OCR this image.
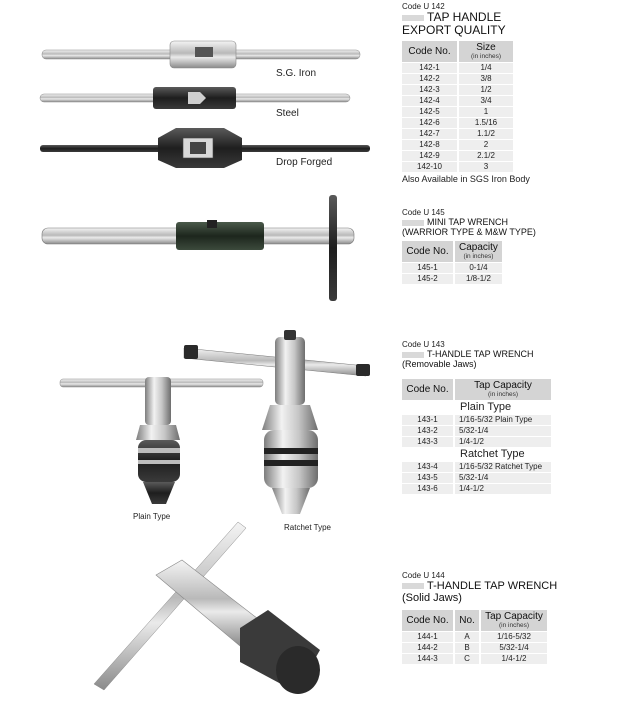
S.G. Iron
Steel
Drop Forged
Plain Type
Ratchet Type
Code U 142
TAP HANDLE
EXPORT QUALITY
Code No.	Size
(in inches)

142-1	1/4
142-2	3/8
142-3	1/2
142-4	3/4
142-5	1
142-6	1.5/16
142-7	1.1/2
142-8	2
142-9	2.1/2
142-10	3
Also Available in SGS Iron Body
Code U 145
MINI TAP WRENCH
(WARRIOR TYPE & M&W TYPE)
Code No.	Capacity
(in inches)

145-1	0-1/4
145-2	1/8-1/2
Code U 143
T-HANDLE TAP WRENCH
(Removable Jaws)
Code No.	Tap Capacity
(in inches)

Plain Type	
143-1	1/16-5/32 Plain Type
143-2	5/32-1/4
143-3	1/4-1/2
Ratchet Type	
143-4	1/16-5/32 Ratchet Type
143-5	5/32-1/4
143-6	1/4-1/2
Code U 144
T-HANDLE TAP WRENCH
(Solid Jaws)
Code No.	No.	Tap Capacity
(in inches)

144-1	A	1/16-5/32
144-2	B	5/32-1/4
144-3	C	1/4-1/2
